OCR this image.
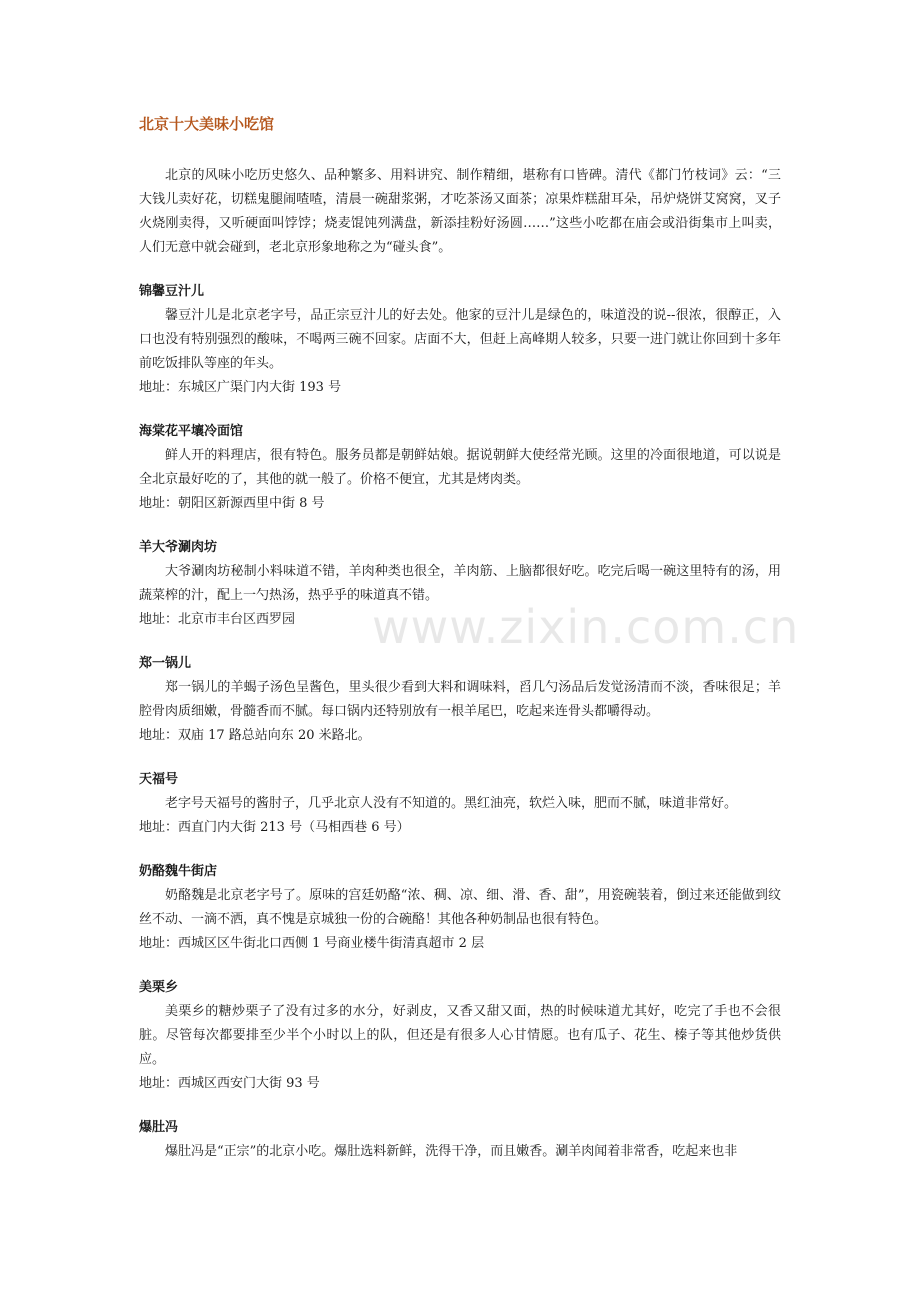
北京十大美味小吃馆

北京的风味小吃历史悠久、品种繁多、用料讲究、制作精细，堪称有口皆碑。清代《都门竹枝词》云：“三大钱儿卖好花，切糕鬼腿闹喳喳，清晨一碗甜浆粥，才吃茶汤又面茶；凉果炸糕甜耳朵，吊炉烧饼艾窝窝，叉子火烧刚卖得，又听硬面叫饽饽；烧麦馄饨列满盘，新添挂粉好汤圆……”这些小吃都在庙会或沿街集市上叫卖，人们无意中就会碰到，老北京形象地称之为“碰头食”。

锦馨豆汁儿

馨豆汁儿是北京老字号，品正宗豆汁儿的好去处。他家的豆汁儿是绿色的，味道没的说--很浓，很醇正，入口也没有特别强烈的酸味，不喝两三碗不回家。店面不大，但赶上高峰期人较多，只要一进门就让你回到十多年前吃饭排队等座的年头。

地址：东城区广渠门内大街 193 号

海棠花平壤冷面馆

鲜人开的料理店，很有特色。服务员都是朝鲜姑娘。据说朝鲜大使经常光顾。这里的冷面很地道，可以说是全北京最好吃的了，其他的就一般了。价格不便宜，尤其是烤肉类。

地址：朝阳区新源西里中街 8 号

羊大爷涮肉坊

大爷涮肉坊秘制小料味道不错，羊肉种类也很全，羊肉筋、上脑都很好吃。吃完后喝一碗这里特有的汤，用蔬菜榨的汁，配上一勺热汤，热乎乎的味道真不错。

地址：北京市丰台区西罗园

郑一锅儿

郑一锅儿的羊蝎子汤色呈酱色，里头很少看到大料和调味料，舀几勺汤品后发觉汤清而不淡，香味很足；羊腔骨肉质细嫩，骨髓香而不腻。每口锅内还特别放有一根羊尾巴，吃起来连骨头都嚼得动。

地址：双庙 17 路总站向东 20 米路北。

天福号

老字号天福号的酱肘子，几乎北京人没有不知道的。黑红油亮，软烂入味，肥而不腻，味道非常好。

地址：西直门内大街 213 号（马相西巷 6 号）

奶酪魏牛街店

奶酪魏是北京老字号了。原味的宫廷奶酪“浓、稠、凉、细、滑、香、甜”，用瓷碗装着，倒过来还能做到纹丝不动、一滴不洒，真不愧是京城独一份的合碗酪！其他各种奶制品也很有特色。

地址：西城区区牛街北口西侧 1 号商业楼牛街清真超市 2 层

美栗乡

美栗乡的糖炒栗子了没有过多的水分，好剥皮，又香又甜又面，热的时候味道尤其好，吃完了手也不会很脏。尽管每次都要排至少半个小时以上的队，但还是有很多人心甘情愿。也有瓜子、花生、榛子等其他炒货供应。

地址：西城区西安门大街 93 号

爆肚冯

爆肚冯是“正宗”的北京小吃。爆肚选料新鲜，洗得干净，而且嫩香。涮羊肉闻着非常香，吃起来也非

www.zixin.com.cn
